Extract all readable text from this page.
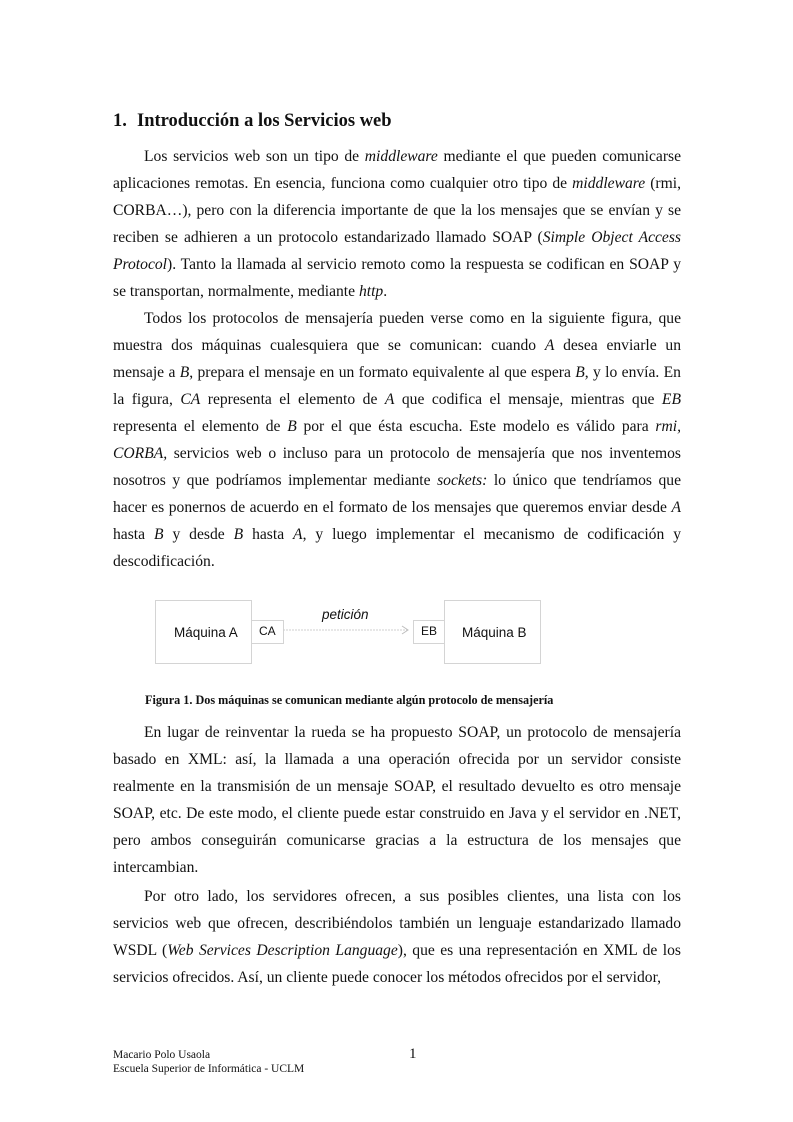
1. Introducción a los Servicios web

Los servicios web son un tipo de middleware mediante el que pueden comunicarse aplicaciones remotas. En esencia, funciona como cualquier otro tipo de middleware (rmi, CORBA…), pero con la diferencia importante de que la los mensajes que se envían y se reciben se adhieren a un protocolo estandarizado llamado SOAP (Simple Object Access Protocol). Tanto la llamada al servicio remoto como la respuesta se codifican en SOAP y se transportan, normalmente, mediante http.

Todos los protocolos de mensajería pueden verse como en la siguiente figura, que muestra dos máquinas cualesquiera que se comunican: cuando A desea enviarle un mensaje a B, prepara el mensaje en un formato equivalente al que espera B, y lo envía. En la figura, CA representa el elemento de A que codifica el mensaje, mientras que EB representa el elemento de B por el que ésta escucha. Este modelo es válido para rmi, CORBA, servicios web o incluso para un protocolo de mensajería que nos inventemos nosotros y que podríamos implementar mediante sockets: lo único que tendríamos que hacer es ponernos de acuerdo en el formato de los mensajes que queremos enviar desde A hasta B y desde B hasta A, y luego implementar el mecanismo de codificación y descodificación.

Máquina A CA
petición
EB Máquina B
Figura 1. Dos máquinas se comunican mediante algún protocolo de mensajería

En lugar de reinventar la rueda se ha propuesto SOAP, un protocolo de mensajería basado en XML: así, la llamada a una operación ofrecida por un servidor consiste realmente en la transmisión de un mensaje SOAP, el resultado devuelto es otro mensaje SOAP, etc. De este modo, el cliente puede estar construido en Java y el servidor en .NET, pero ambos conseguirán comunicarse gracias a la estructura de los mensajes que intercambian.

Por otro lado, los servidores ofrecen, a sus posibles clientes, una lista con los servicios web que ofrecen, describiéndolos también un lenguaje estandarizado llamado WSDL (Web Services Description Language), que es una representación en XML de los servicios ofrecidos. Así, un cliente puede conocer los métodos ofrecidos por el servidor,

Macario Polo Usaola
Escuela Superior de Informática - UCLM
1
